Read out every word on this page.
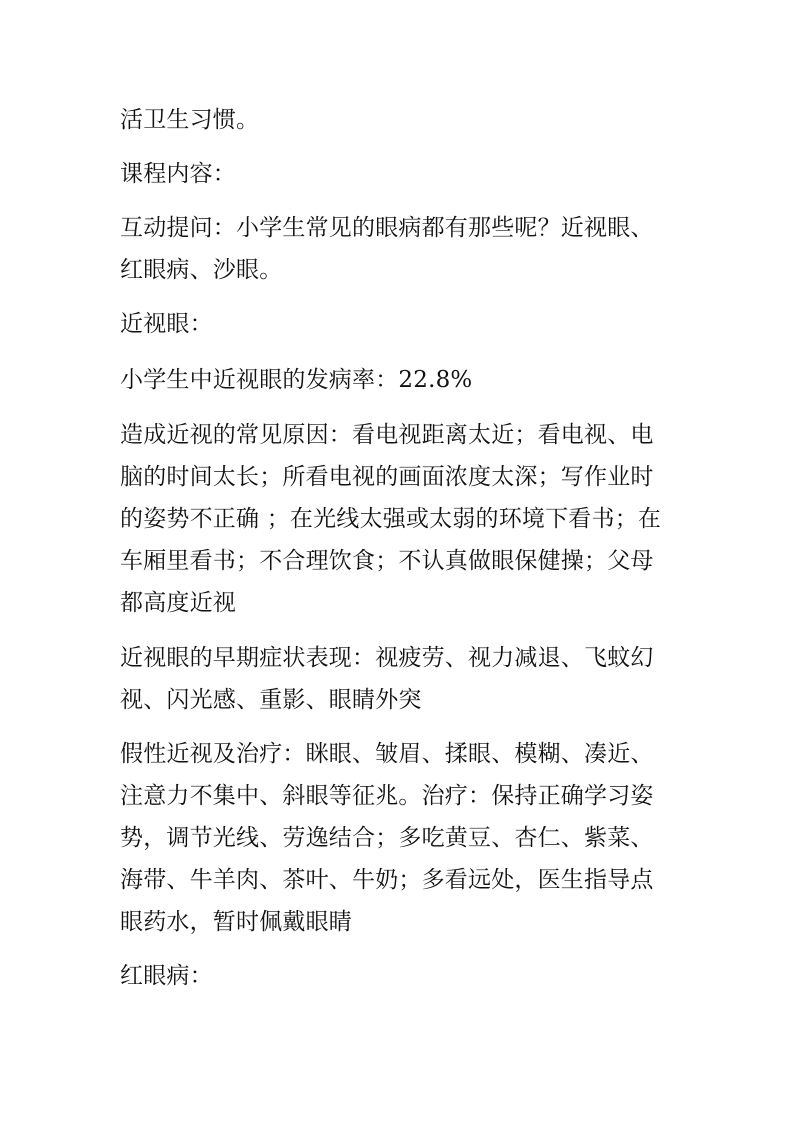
活卫生习惯。
课程内容：
互动提问：小学生常见的眼病都有那些呢？近视眼、
红眼病、沙眼。
近视眼：
小学生中近视眼的发病率：22.8%
造成近视的常见原因：看电视距离太近；看电视、电
脑的时间太长；所看电视的画面浓度太深；写作业时
的姿势不正确 ；在光线太强或太弱的环境下看书；在
车厢里看书；不合理饮食；不认真做眼保健操；父母
都高度近视
近视眼的早期症状表现：视疲劳、视力减退、飞蚊幻
视、闪光感、重影、眼睛外突
假性近视及治疗：眯眼、皱眉、揉眼、模糊、凑近、
注意力不集中、斜眼等征兆。治疗：保持正确学习姿
势，调节光线、劳逸结合；多吃黄豆、杏仁、紫菜、
海带、牛羊肉、茶叶、牛奶；多看远处，医生指导点
眼药水，暂时佩戴眼睛
红眼病：
